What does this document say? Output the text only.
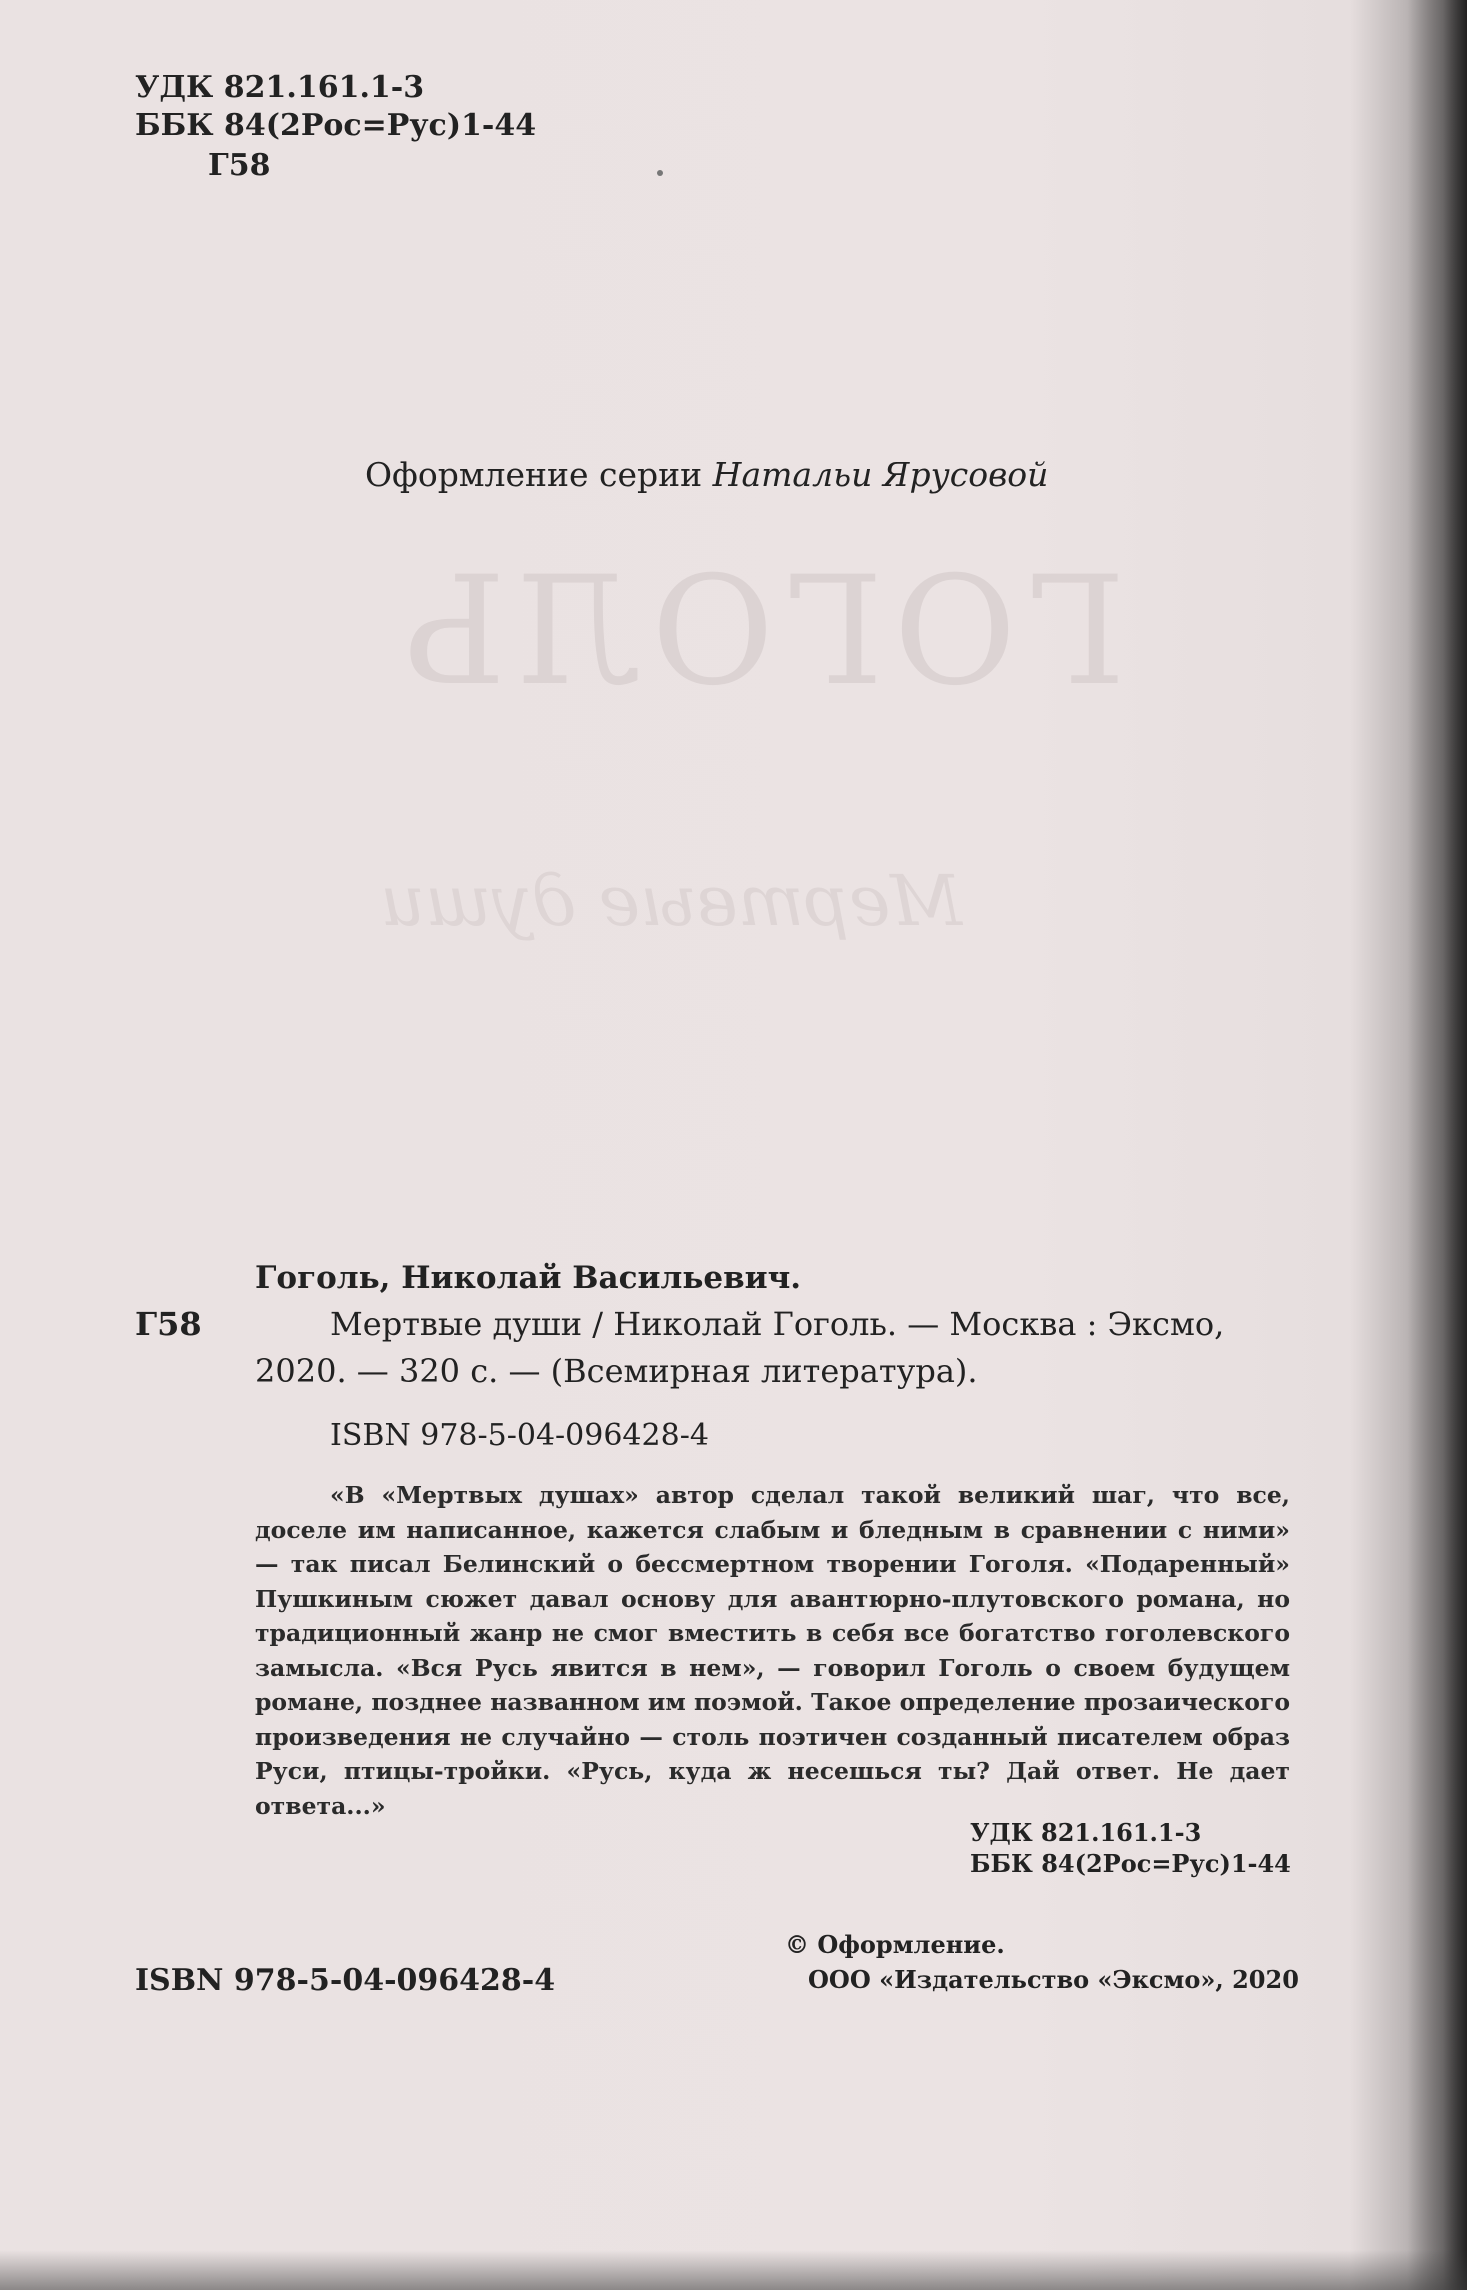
ГОГОЛЬ
Мертвые души
УДК 821.161.1-3
ББК 84(2Рос=Рус)1-44
Г58
Оформление серии Натальи Ярусовой
Гоголь, Николай Васильевич.
Г58	Мертвые души / Николай Гоголь. — Москва : Эксмо,
2020. — 320 с. — (Всемирная литература).
ISBN 978-5-04-096428-4
«В «Мертвых душах» автор сделал такой великий шаг, что все, доселе им написанное, кажется слабым и бледным в сравнении с ними» — так писал Белинский о бессмертном творении Гоголя. «Подаренный» Пушкиным сюжет давал основу для авантюрно-плутовского романа, но традиционный жанр не смог вместить в себя все богатство гоголевского замысла. «Вся Русь явится в нем», — говорил Гоголь о своем будущем романе, позднее названном им поэмой. Такое определение прозаического произведения не случайно — столь поэтичен созданный писателем образ Руси, птицы-тройки. «Русь, куда ж несешься ты? Дай ответ. Не дает ответа...»
УДК 821.161.1-3
ББК 84(2Рос=Рус)1-44
ISBN 978-5-04-096428-4
© Оформление.
ООО «Издательство «Эксмо», 2020
